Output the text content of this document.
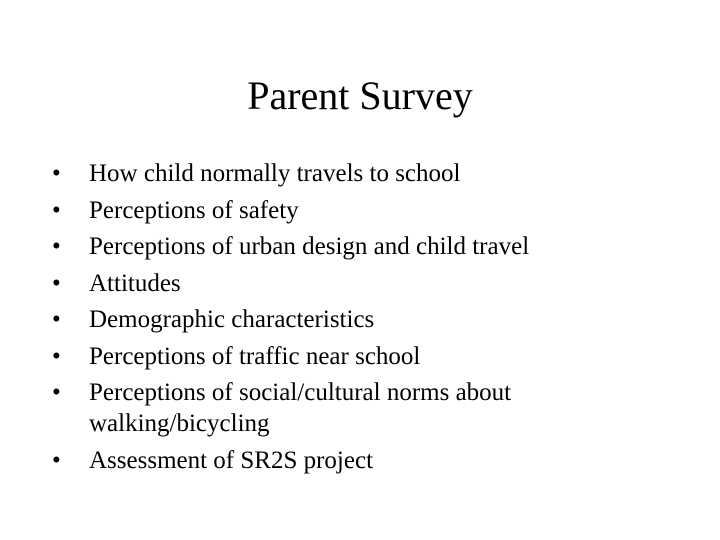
Parent Survey
•	How child normally travels to school
•	Perceptions of safety
•	Perceptions of urban design and child travel
•	Attitudes
•	Demographic characteristics
•	Perceptions of traffic near school
•	Perceptions of social/cultural norms about walking/bicycling
•	Assessment of SR2S project
